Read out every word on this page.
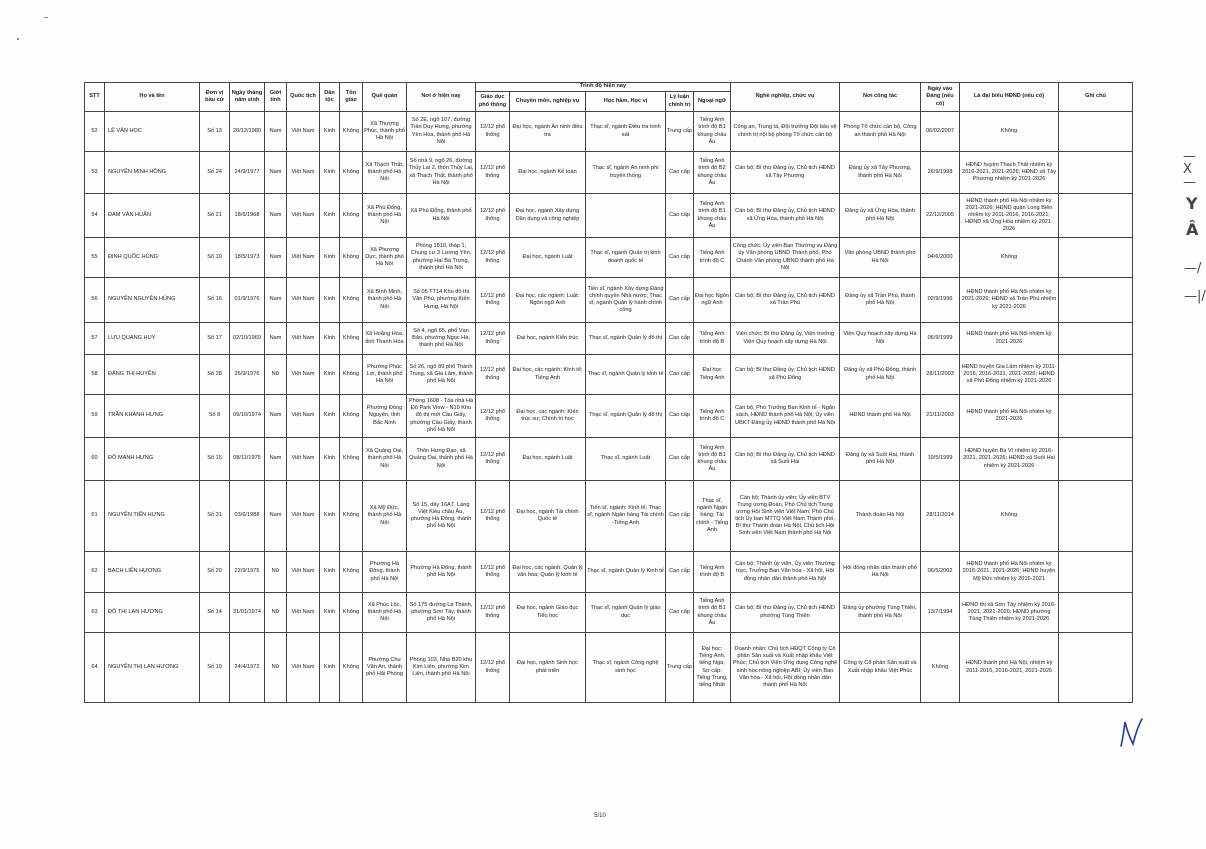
— X —
Y
Â
—/
—|/
STT	Họ và tên	Đơn vị bầu cử	Ngày tháng năm sinh	Giới tính	Quốc tịch	Dân tộc	Tôn giáo	Quê quán	Nơi ở hiện nay	Trình độ hiện nay					Nghề nghiệp, chức vụ	Nơi công tác	Ngày vào Đảng (nếu có)	Là đại biểu HĐND (nếu có)	Ghi chú
										Giáo dục phổ thông	Chuyên môn, nghiệp vụ	Học hàm, Học vị	Lý luận chính trị	Ngoại ngữ					
52	LÊ VĂN HỌC	Số 13	20/12/1980	Nam	Việt Nam	Kinh	Không	Xã Thượng Phúc, thành phố Hà Nội	Số 2E, ngõ 107, đường Trần Duy Hưng, phường Yên Hòa, thành phố Hà Nội	12/12 phổ thông	Đại học, ngành An ninh điều tra	Thạc sĩ, ngành Điều tra trinh sát	Trung cấp	Tiếng Anh trình độ B1 khung châu Âu	Công an, Trung tá, Đội trưởng Đội bảo vệ chính trị nội bộ phòng Tổ chức cán bộ	Phòng Tổ chức cán bộ, Công an thành phố Hà Nội	06/02/2007	Không	
53	NGUYỄN MINH HỒNG	Số 24	24/9/1977	Nam	Việt Nam	Kinh	Không	Xã Thạch Thất, thành phố Hà Nội	Số nhà 9, ngõ 26, đường Thủy Lai 2, thôn Thủy Lai, xã Thạch Thất, thành phố Hà Nội	12/12 phổ thông	Đại học, ngành Kế toán	Thạc sĩ, ngành An ninh phi truyền thống	Cao cấp	Tiếng Anh trình độ B2 khung châu Âu	Cán bộ; Bí thư Đảng ủy, Chủ tịch HĐND xã Tây Phương	Đảng ủy xã Tây Phương, thành phố Hà Nội	26/9/1998	HĐND huyện Thạch Thất nhiệm kỳ 2016-2021, 2021-2026; HĐND xã Tây Phương nhiệm kỳ 2021-2026	
54	ĐÀM VĂN HUÂN	Số 21	18/6/1968	Nam	Việt Nam	Kinh	Không	Xã Phù Đổng, thành phố Hà Nội	Xã Phù Đổng, thành phố Hà Nội	12/12 phổ thông	Đại học, ngành Xây dựng Dân dụng và công nghiệp		Cao cấp	Tiếng Anh trình độ B1 khung châu Âu	Cán bộ; Bí thư Đảng ủy, Chủ tịch HĐND xã Ứng Hòa, thành phố Hà Nội	Đảng ủy xã Ứng Hòa, thành phố Hà Nội	22/12/2005	HĐND thành phố Hà Nội nhiệm kỳ 2021-2026; HĐND quận Long Biên nhiệm kỳ 2011-2016, 2016-2021; HĐND xã Ứng Hòa nhiệm kỳ 2021-2026	
55	ĐINH QUỐC HÙNG	Số 19	18/5/1973	Nam	Việt Nam	Kinh	Không	Xã Phượng Dực, thành phố Hà Nội	Phòng 1810, tháp 1, Chung cư 3 Lương Yên, phường Hai Bà Trưng, thành phố Hà Nội	12/12 phổ thông	Đại học, ngành Luật	Thạc sĩ, ngành Quản trị kinh doanh quốc tế	Cao cấp	Tiếng Anh trình độ C	Công chức; Ủy viên Ban Thường vụ Đảng ủy Văn phòng UBND Thành phố, Phó Chánh Văn phòng UBND thành phố Hà Nội	Văn phòng UBND thành phố Hà Nội	04/6/2000	Không	
56	NGUYỄN NGUYÊN HÙNG	Số 16	01/9/1976	Nam	Việt Nam	Kinh	Không	Xã Bình Minh, thành phố Hà Nội	Số 05 TT14 Khu đô thị Văn Phú, phường Kiến Hưng, Hà Nội	12/12 phổ thông	Đại học, các ngành: Luật; Ngôn ngữ Anh	Tiến sĩ, ngành Xây dựng Đảng chính quyền Nhà nước; Thạc sĩ, ngành Quản lý hành chính công	Cao cấp	Đại học Ngôn ngữ Anh	Cán bộ; Bí thư Đảng ủy, Chủ tịch HĐND xã Trần Phú	Đảng ủy xã Trần Phú, thành phố Hà Nội	02/9/1996	HĐND thành phố Hà Nội nhiệm kỳ 2021-2026; HĐND xã Trần Phú nhiệm kỳ 2021-2026	
57	LƯU QUANG HUY	Số 17	02/10/1969	Nam	Việt Nam	Kinh	Không	Xã Hoằng Hóa, tỉnh Thanh Hóa	Số 4, ngõ 65, phố Vạn Bảo, phường Ngọc Hà, thành phố Hà Nội	12/12 phổ thông	Đại học, ngành Kiến trúc	Thạc sĩ, ngành Quản lý đô thị	Cao cấp	Tiếng Anh trình độ B	Viên chức; Bí thư Đảng ủy, Viện trưởng Viện Quy hoạch xây dựng Hà Nội	Viện Quy hoạch xây dựng Hà Nội	06/9/1999	HĐND thành phố Hà Nội nhiệm kỳ 2021-2026	
58	ĐẶNG THỊ HUYỀN	Số 28	26/9/1976	Nữ	Việt Nam	Kinh	Không	Phường Phúc Lợi, thành phố Hà Nội	Số 26, ngõ 89 phố Thành Trung, xã Gia Lâm, thành phố Hà Nội	12/12 phổ thông	Đại học, các ngành: Kinh tế; Tiếng Anh	Thạc sĩ, ngành Quản lý kinh tế	Cao cấp	Đại học Tiếng Anh	Cán bộ; Bí thư Đảng ủy, Chủ tịch HĐND xã Phù Đổng	Đảng ủy xã Phù Đổng, thành phố Hà Nội	28/11/2003	HĐND huyện Gia Lâm nhiệm kỳ 2011-2016, 2016-2021, 2021-2026; HĐND xã Phù Đổng nhiệm kỳ 2021-2026	
59	TRẦN KHÁNH HƯNG	Số 8	09/10/1974	Nam	Việt Nam	Kinh	Không	Phường Đồng Nguyên, tỉnh Bắc Ninh	Phòng 1608 - Tòa nhà Hà Đô Park View - N10 Khu đô thị mới Cầu Giấy, phường Cầu Giấy, thành phố Hà Nội	12/12 phổ thông	Đại học, các ngành: Kiến trúc sư; Chính trị học	Thạc sĩ, ngành Quản lý đô thị	Cao cấp	Tiếng Anh trình độ C	Cán bộ, Phó Trưởng Ban Kinh tế - Ngân sách, HĐND thành phố Hà Nội; Ủy viên UBKT Đảng ủy HĐND thành phố Hà Nội	HĐND thành phố Hà Nội	21/11/2003	HĐND thành phố Hà Nội nhiệm kỳ 2021-2026	
60	ĐỖ MẠNH HƯNG	Số 15	08/11/1975	Nam	Việt Nam	Kinh	Không	Xã Quảng Oai, thành phố Hà Nội	Thôn Hưng Đạo, xã Quảng Oai, thành phố Hà Nội	12/12 phổ thông	Đại học, ngành Luật	Thạc sĩ, ngành Luật	Cao cấp	Tiếng Anh trình độ B1 khung châu Âu	Cán bộ; Bí thư Đảng ủy, Chủ tịch HĐND xã Suối Hai	Đảng ủy xã Suối Hai, thành phố Hà Nội	19/5/1999	HĐND huyện Ba Vì nhiệm kỳ 2016-2021, 2021-2026; HĐND xã Suối Hai nhiệm kỳ 2021-2026	
61	NGUYỄN TIẾN HƯNG	Số 31	03/6/1988	Nam	Việt Nam	Kinh	Không	Xã Mỹ Đức, thành phố Hà Nội	Số 15, dãy 16A7, Làng Việt Kiều châu Âu, phường Hà Đông, thành phố Hà Nội	12/12 phổ thông	Đại học, ngành Tài chính Quốc tế	Tiến sĩ, ngành: Kinh tế; Thạc sĩ, ngành Ngân hàng Tài chính -Tiếng Anh	Cao cấp	Thạc sĩ, ngành Ngân hàng; Tài chính - Tiếng Anh	Cán bộ; Thành ủy viên; Ủy viên BTV Trung ương Đoàn, Phó Chủ tịch Trung ương Hội Sinh viên Việt Nam; Phó Chủ tịch Ủy ban MTTQ Việt Nam Thành phố, Bí thư Thành đoàn Hà Nội, Chủ tịch Hội Sinh viên Việt Nam thành phố Hà Nội	Thành đoàn Hà Nội	28/11/2014	Không	
62	BẠCH LIÊN HƯƠNG	Số 20	22/9/1975	Nữ	Việt Nam	Kinh	Không	Phường Hà Đông, thành phố Hà Nội	Phường Hà Đông, thành phố Hà Nội	12/12 phổ thông	Đại học, các ngành: Quản lý văn hóa; Quản lý kinh tế	Thạc sĩ, ngành Quản lý Kinh tế	Cao cấp	Tiếng Anh trình độ B	Cán bộ; Thành ủy viên, Ủy viên Thường trực, Trưởng Ban Văn hóa - Xã hội, Hội đồng nhân dân thành phố Hà Nội	Hội đồng nhân dân thành phố Hà Nội	06/5/2002	HĐND thành phố Hà Nội nhiệm kỳ 2016-2021, 2021-2026; HĐND huyện Mỹ Đức nhiệm kỳ 2016-2021	
63	ĐỖ THỊ LAN HƯƠNG	Số 14	31/01/1974	Nữ	Việt Nam	Kinh	Không	Xã Phúc Lộc, thành phố Hà Nội	Số 175 đường La Thành, phường Sơn Tây, thành phố Hà Nội	12/12 phổ thông	Đại học, ngành Giáo dục Tiểu học	Thạc sĩ, ngành Quản lý giáo dục	Cao cấp	Tiếng Anh trình độ B1 khung châu Âu	Cán bộ; Bí thư Đảng ủy, Chủ tịch HĐND phường Tùng Thiện	Đảng ủy phường Tùng Thiện, thành phố Hà Nội	13/7/1994	HĐND thị xã Sơn Tây nhiệm kỳ 2016-2021, 2021-2026; HĐND phường Tùng Thiện nhiệm kỳ 2021-2026	
64	NGUYỄN THỊ LAN HƯƠNG	Số 19	24/4/1972	Nữ	Việt Nam	Kinh	Không	Phường Chu Văn An, thành phố Hải Phòng	Phòng 103, Nhà B20 khu Kim Liên, phường Kim Liên, thành phố Hà Nội	12/12 phổ thông	Đại học, ngành Sinh học phát triển	Thạc sĩ, ngành Công nghệ sinh học	Trung cấp	Đại học: Tiếng Anh, tiếng Nga; Sơ cấp: Tiếng Trung, tiếng Nhật	Doanh nhân; Chủ tịch HĐQT Công ty Cổ phần Sản xuất và Xuất nhập khẩu Việt Phúc; Chủ tịch Viện Ứng dụng Công nghệ sinh học nông nghiệp ABI; Ủy viên Ban Văn hóa - Xã hội, Hội đồng nhân dân thành phố Hà Nội	Công ty Cổ phần Sản xuất và Xuất nhập khẩu Việt Phúc	Không	HĐND thành phố Hà Nội, nhiệm kỳ 2011-2016, 2016-2021, 2021-2026	
5/10
